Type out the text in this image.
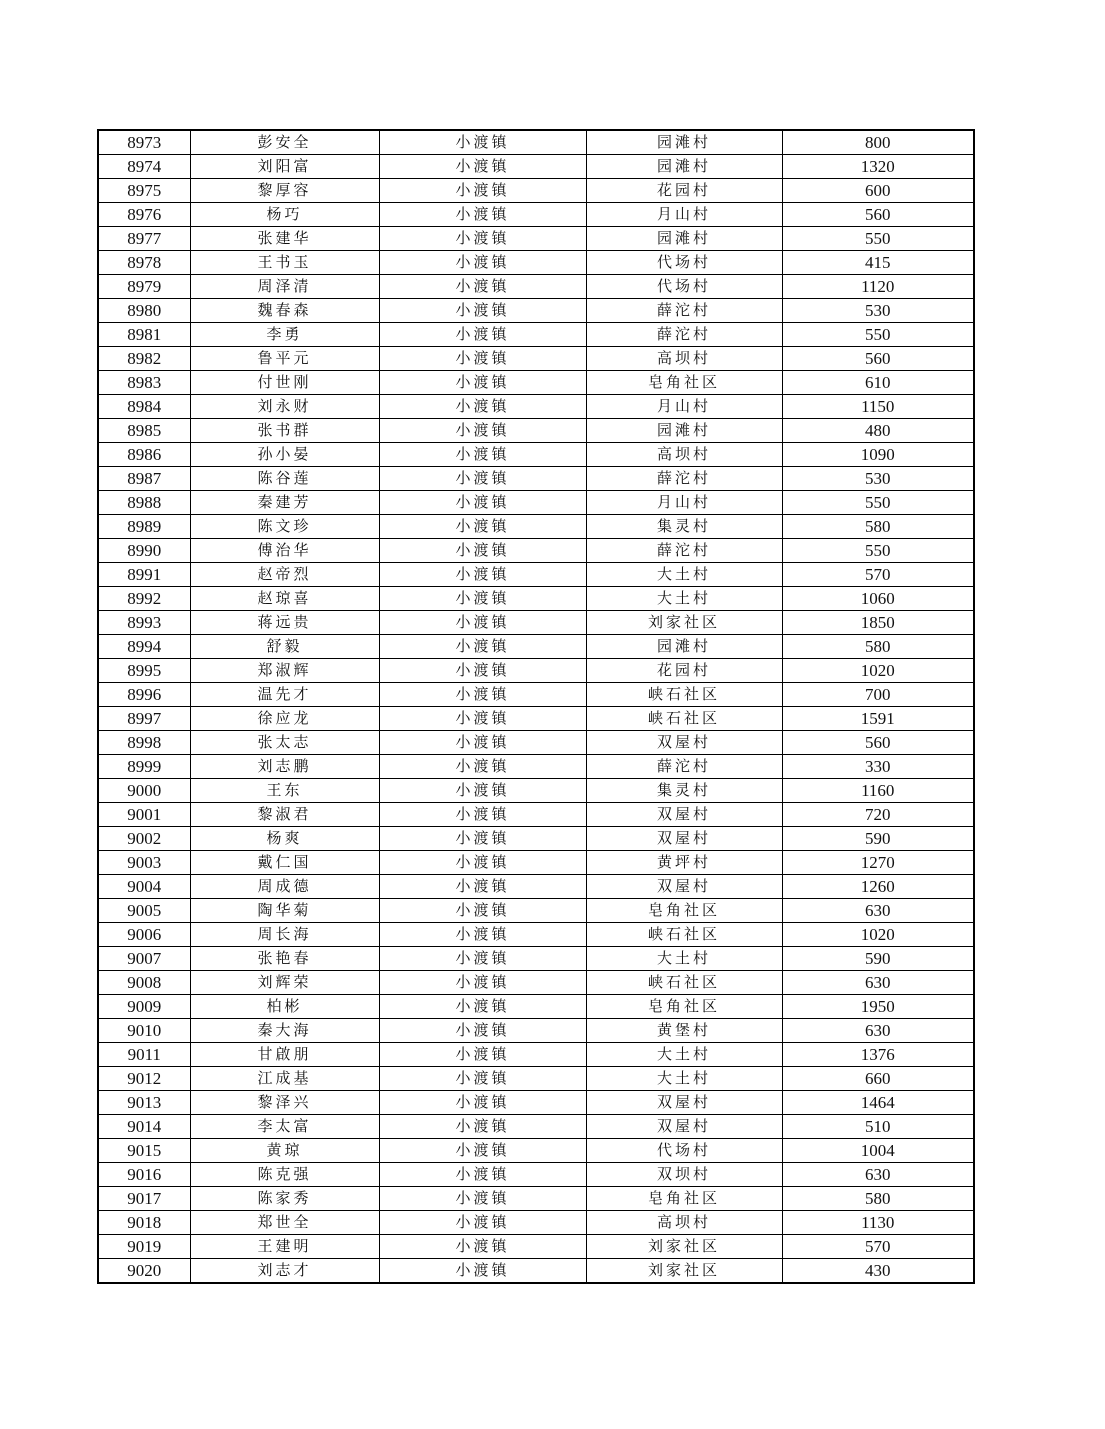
8973	彭安全	小渡镇	园滩村	800
8974	刘阳富	小渡镇	园滩村	1320
8975	黎厚容	小渡镇	花园村	600
8976	杨巧	小渡镇	月山村	560
8977	张建华	小渡镇	园滩村	550
8978	王书玉	小渡镇	代场村	415
8979	周泽清	小渡镇	代场村	1120
8980	魏春森	小渡镇	薛沱村	530
8981	李勇	小渡镇	薛沱村	550
8982	鲁平元	小渡镇	高坝村	560
8983	付世刚	小渡镇	皂角社区	610
8984	刘永财	小渡镇	月山村	1150
8985	张书群	小渡镇	园滩村	480
8986	孙小晏	小渡镇	高坝村	1090
8987	陈谷莲	小渡镇	薛沱村	530
8988	秦建芳	小渡镇	月山村	550
8989	陈文珍	小渡镇	集灵村	580
8990	傅治华	小渡镇	薛沱村	550
8991	赵帝烈	小渡镇	大土村	570
8992	赵琼喜	小渡镇	大土村	1060
8993	蒋远贵	小渡镇	刘家社区	1850
8994	舒毅	小渡镇	园滩村	580
8995	郑淑辉	小渡镇	花园村	1020
8996	温先才	小渡镇	峡石社区	700
8997	徐应龙	小渡镇	峡石社区	1591
8998	张太志	小渡镇	双屋村	560
8999	刘志鹏	小渡镇	薛沱村	330
9000	王东	小渡镇	集灵村	1160
9001	黎淑君	小渡镇	双屋村	720
9002	杨爽	小渡镇	双屋村	590
9003	戴仁国	小渡镇	黄坪村	1270
9004	周成德	小渡镇	双屋村	1260
9005	陶华菊	小渡镇	皂角社区	630
9006	周长海	小渡镇	峡石社区	1020
9007	张艳春	小渡镇	大土村	590
9008	刘辉荣	小渡镇	峡石社区	630
9009	柏彬	小渡镇	皂角社区	1950
9010	秦大海	小渡镇	黄堡村	630
9011	甘啟朋	小渡镇	大土村	1376
9012	江成基	小渡镇	大土村	660
9013	黎泽兴	小渡镇	双屋村	1464
9014	李太富	小渡镇	双屋村	510
9015	黄琼	小渡镇	代场村	1004
9016	陈克强	小渡镇	双坝村	630
9017	陈家秀	小渡镇	皂角社区	580
9018	郑世全	小渡镇	高坝村	1130
9019	王建明	小渡镇	刘家社区	570
9020	刘志才	小渡镇	刘家社区	430
